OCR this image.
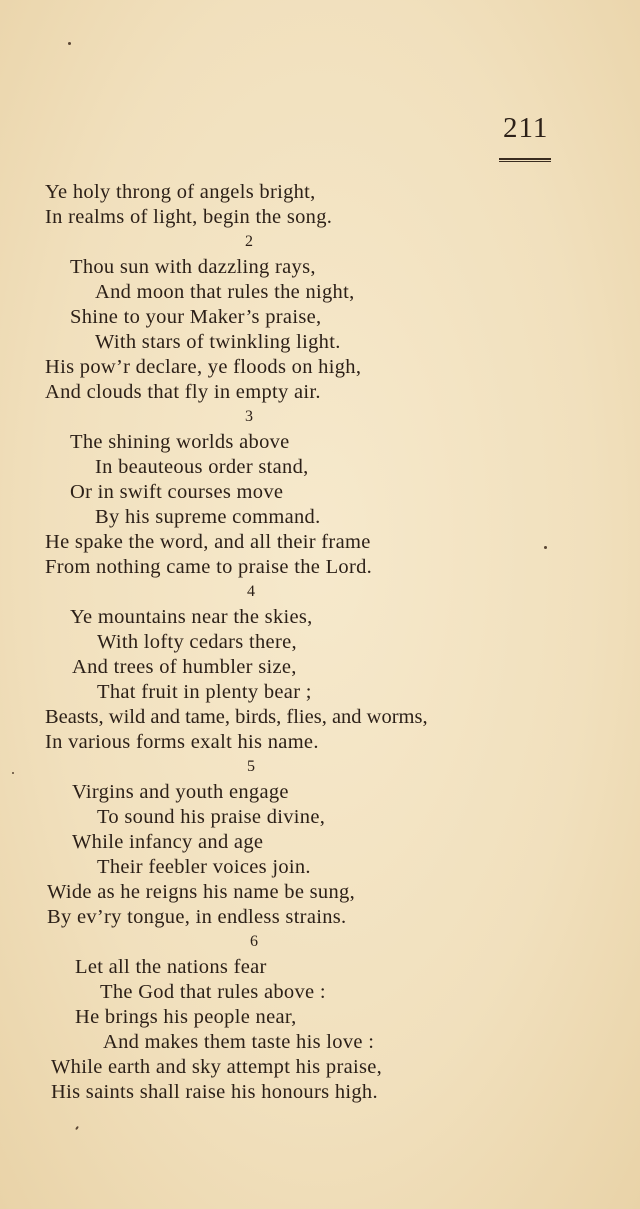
211
Ye holy throng of angels bright,
In realms of light, begin the song.
2
Thou sun with dazzling rays,
And moon that rules the night,
Shine to your Maker’s praise,
With stars of twinkling light.
His pow’r declare, ye floods on high,
And clouds that fly in empty air.
3
The shining worlds above
In beauteous order stand,
Or in swift courses move
By his supreme command.
He spake the word, and all their frame
From nothing came to praise the Lord.
4
Ye mountains near the skies,
With lofty cedars there,
And trees of humbler size,
That fruit in plenty bear ;
Beasts, wild and tame, birds, flies, and worms,
In various forms exalt his name.
5
Virgins and youth engage
To sound his praise divine,
While infancy and age
Their feebler voices join.
Wide as he reigns his name be sung,
By ev’ry tongue, in endless strains.
6
Let all the nations fear
The God that rules above :
He brings his people near,
And makes them taste his love :
While earth and sky attempt his praise,
His saints shall raise his honours high.
